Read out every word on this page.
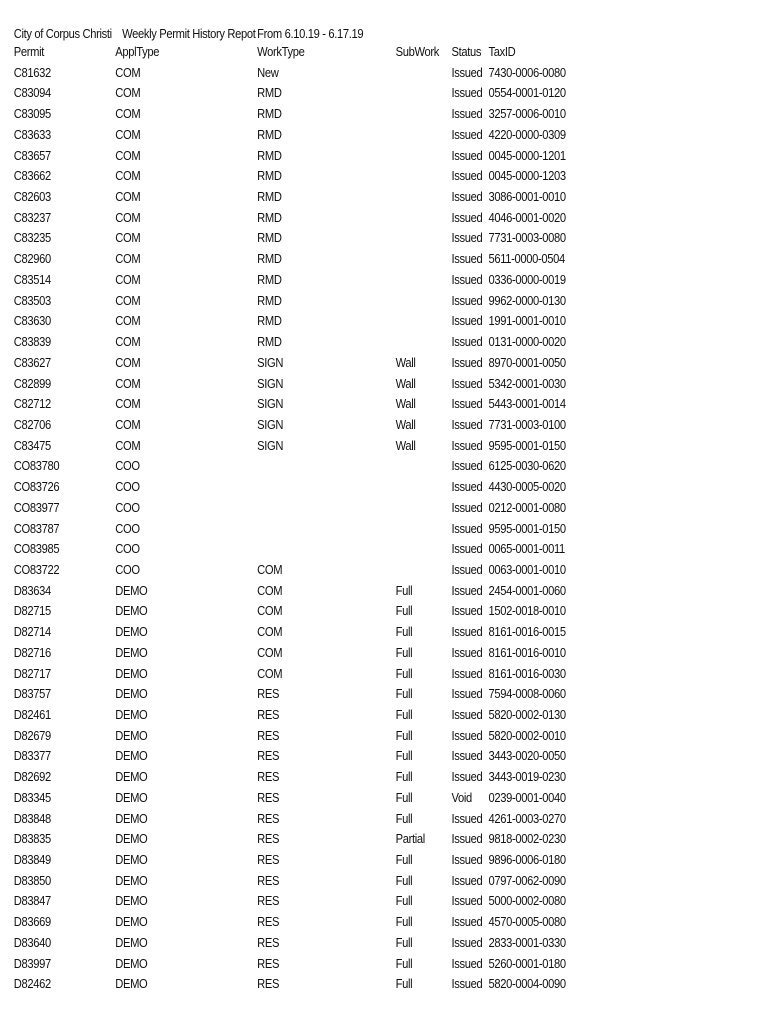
City of Corpus Christi Weekly Permit History Repot From 6.10.19 - 6.17.19
Permit	ApplType	WorkType	SubWork	Status	TaxID
C81632	COM	New		Issued	7430-0006-0080
C83094	COM	RMD		Issued	0554-0001-0120
C83095	COM	RMD		Issued	3257-0006-0010
C83633	COM	RMD		Issued	4220-0000-0309
C83657	COM	RMD		Issued	0045-0000-1201
C83662	COM	RMD		Issued	0045-0000-1203
C82603	COM	RMD		Issued	3086-0001-0010
C83237	COM	RMD		Issued	4046-0001-0020
C83235	COM	RMD		Issued	7731-0003-0080
C82960	COM	RMD		Issued	5611-0000-0504
C83514	COM	RMD		Issued	0336-0000-0019
C83503	COM	RMD		Issued	9962-0000-0130
C83630	COM	RMD		Issued	1991-0001-0010
C83839	COM	RMD		Issued	0131-0000-0020
C83627	COM	SIGN	Wall	Issued	8970-0001-0050
C82899	COM	SIGN	Wall	Issued	5342-0001-0030
C82712	COM	SIGN	Wall	Issued	5443-0001-0014
C82706	COM	SIGN	Wall	Issued	7731-0003-0100
C83475	COM	SIGN	Wall	Issued	9595-0001-0150
CO83780	COO			Issued	6125-0030-0620
CO83726	COO			Issued	4430-0005-0020
CO83977	COO			Issued	0212-0001-0080
CO83787	COO			Issued	9595-0001-0150
CO83985	COO			Issued	0065-0001-0011
CO83722	COO	COM		Issued	0063-0001-0010
D83634	DEMO	COM	Full	Issued	2454-0001-0060
D82715	DEMO	COM	Full	Issued	1502-0018-0010
D82714	DEMO	COM	Full	Issued	8161-0016-0015
D82716	DEMO	COM	Full	Issued	8161-0016-0010
D82717	DEMO	COM	Full	Issued	8161-0016-0030
D83757	DEMO	RES	Full	Issued	7594-0008-0060
D82461	DEMO	RES	Full	Issued	5820-0002-0130
D82679	DEMO	RES	Full	Issued	5820-0002-0010
D83377	DEMO	RES	Full	Issued	3443-0020-0050
D82692	DEMO	RES	Full	Issued	3443-0019-0230
D83345	DEMO	RES	Full	Void	0239-0001-0040
D83848	DEMO	RES	Full	Issued	4261-0003-0270
D83835	DEMO	RES	Partial	Issued	9818-0002-0230
D83849	DEMO	RES	Full	Issued	9896-0006-0180
D83850	DEMO	RES	Full	Issued	0797-0062-0090
D83847	DEMO	RES	Full	Issued	5000-0002-0080
D83669	DEMO	RES	Full	Issued	4570-0005-0080
D83640	DEMO	RES	Full	Issued	2833-0001-0330
D83997	DEMO	RES	Full	Issued	5260-0001-0180
D82462	DEMO	RES	Full	Issued	5820-0004-0090
